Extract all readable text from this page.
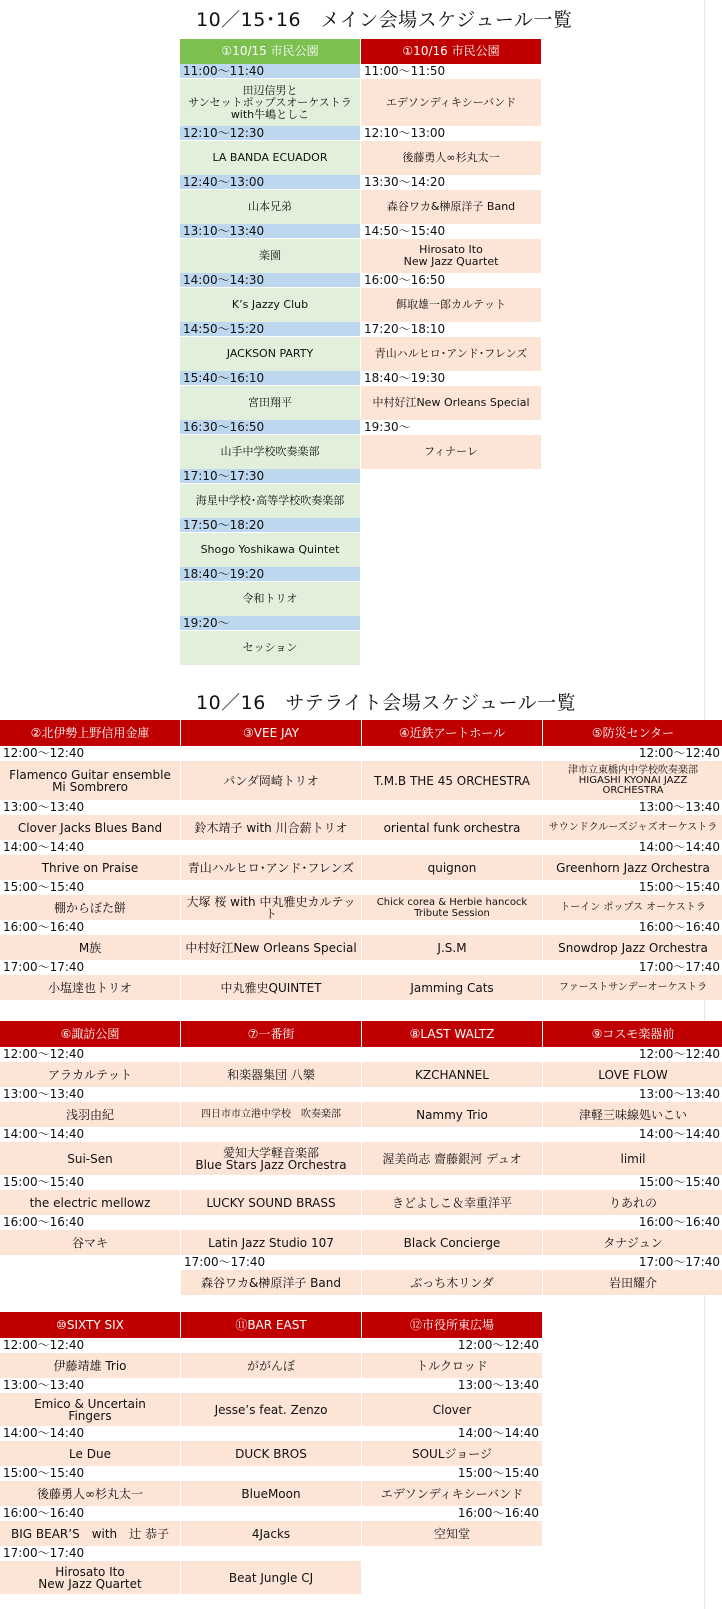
10／15･16　メイン会場スケジュール一覧
①10/15 市民公園
11:00～11:40
田辺信男と
サンセットポップスオーケストラ
with牛嶋としこ
12:10～12:30
LA BANDA ECUADOR
12:40～13:00
山本兄弟
13:10～13:40
楽園
14:00～14:30
K’s Jazzy Club
14:50～15:20
JACKSON PARTY
15:40～16:10
宮田翔平
16:30～16:50
山手中学校吹奏楽部
17:10～17:30
海星中学校･高等学校吹奏楽部
17:50～18:20
Shogo Yoshikawa Quintet
18:40～19:20
令和トリオ
19:20～
セッション
①10/16 市民公園
11:00～11:50
エデソンディキシーバンド
12:10～13:00
後藤勇人∞杉丸太一
13:30～14:20
森谷ワカ&榊原洋子 Band
14:50～15:40
Hirosato Ito
New Jazz Quartet
16:00～16:50
餌取雄一郎カルテット
17:20～18:10
青山ハルヒロ･アンド･フレンズ
18:40～19:30
中村好江New Orleans Special
19:30～
フィナーレ
10／16　サテライト会場スケジュール一覧
②北伊勢上野信用金庫
12:00～12:40
Flamenco Guitar ensemble
Mi Sombrero
13:00～13:40
Clover Jacks Blues Band
14:00～14:40
Thrive on Praise
15:00～15:40
棚からぼた餅
16:00～16:40
M族
17:00～17:40
小塩達也トリオ
③VEE JAY
パンダ岡崎トリオ
鈴木靖子 with 川合薪トリオ
青山ハルヒロ･アンド･フレンズ
大塚 桜 with 中丸雅史カルテット
中村好江New Orleans Special
中丸雅史QUINTET
④近鉄アートホール
T.M.B THE 45 ORCHESTRA
oriental funk orchestra
quignon
Chick corea & Herbie hancock
Tribute Session
J.S.M
Jamming Cats
⑤防災センター
12:00～12:40
津市立東橋内中学校吹奏楽部
HIGASHI KYONAI JAZZ
ORCHESTRA
13:00～13:40
サウンドクルーズジャズオーケストラ
14:00～14:40
Greenhorn Jazz Orchestra
15:00～15:40
トーイン ポップス オーケストラ
16:00～16:40
Snowdrop Jazz Orchestra
17:00～17:40
ファーストサンデーオーケストラ
⑥諏訪公園
12:00～12:40
アラカルテット
13:00～13:40
浅羽由紀
14:00～14:40
Sui-Sen
15:00～15:40
the electric mellowz
16:00～16:40
谷マキ
⑦一番街
和楽器集団 八樂
四日市市立港中学校　吹奏楽部
愛知大学軽音楽部
Blue Stars Jazz Orchestra
LUCKY SOUND BRASS
Latin Jazz Studio 107
17:00～17:40
森谷ワカ&榊原洋子 Band
⑧LAST WALTZ
KZCHANNEL
Nammy Trio
渥美尚志 齋藤銀河 デュオ
きどよしこ＆幸重洋平
Black Concierge
ぶっち木リンダ
⑨コスモ楽器前
12:00～12:40
LOVE FLOW
13:00～13:40
津軽三味線処いこい
14:00～14:40
limil
15:00～15:40
りあれの
16:00～16:40
タナジュン
17:00～17:40
岩田耀介
⑩SIXTY SIX
12:00～12:40
伊藤靖雄 Trio
13:00～13:40
Emico & Uncertain
Fingers
14:00～14:40
Le Due
15:00～15:40
後藤勇人∞杉丸太一
16:00～16:40
BIG BEAR’S　with　辻 恭子
17:00～17:40
Hirosato Ito
New Jazz Quartet
⑪BAR EAST
ががんぼ
Jesse’s feat. Zenzo
DUCK BROS
BlueMoon
4Jacks
Beat Jungle CJ
⑫市役所東広場
12:00～12:40
トルクロッド
13:00～13:40
Clover
14:00～14:40
SOULジョージ
15:00～15:40
エデソンディキシーバンド
16:00～16:40
空知堂
